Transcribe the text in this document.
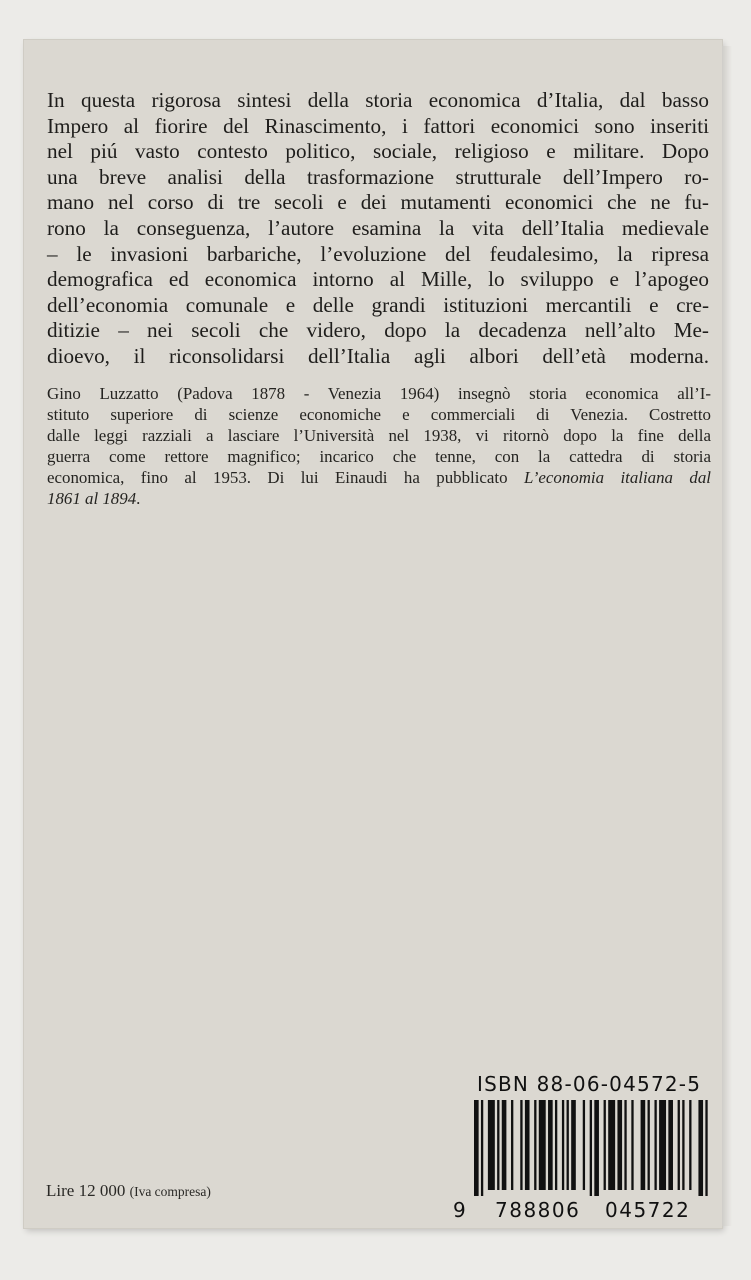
In questa rigorosa sintesi della storia economica d’Italia, dal basso
Impero al fiorire del Rinascimento, i fattori economici sono inseriti
nel piú vasto contesto politico, sociale, religioso e militare. Dopo
una breve analisi della trasformazione strutturale dell’Impero ro-
mano nel corso di tre secoli e dei mutamenti economici che ne fu-
rono la conseguenza, l’autore esamina la vita dell’Italia medievale
– le invasioni barbariche, l’evoluzione del feudalesimo, la ripresa
demografica ed economica intorno al Mille, lo sviluppo e l’apogeo
dell’economia comunale e delle grandi istituzioni mercantili e cre-
ditizie – nei secoli che videro, dopo la decadenza nell’alto Me-
dioevo, il riconsolidarsi dell’Italia agli albori dell’età moderna.

Gino Luzzatto (Padova 1878 - Venezia 1964) insegnò storia economica all’I-
stituto superiore di scienze economiche e commerciali di Venezia. Costretto
dalle leggi razziali a lasciare l’Università nel 1938, vi ritornò dopo la fine della
guerra come rettore magnifico; incarico che tenne, con la cattedra di storia
economica, fino al 1953. Di lui Einaudi ha pubblicato L’economia italiana dal
1861 al 1894.

Lire 12 000 (Iva compresa)
ISBN 88-06-04572-5
9 788806 045722
